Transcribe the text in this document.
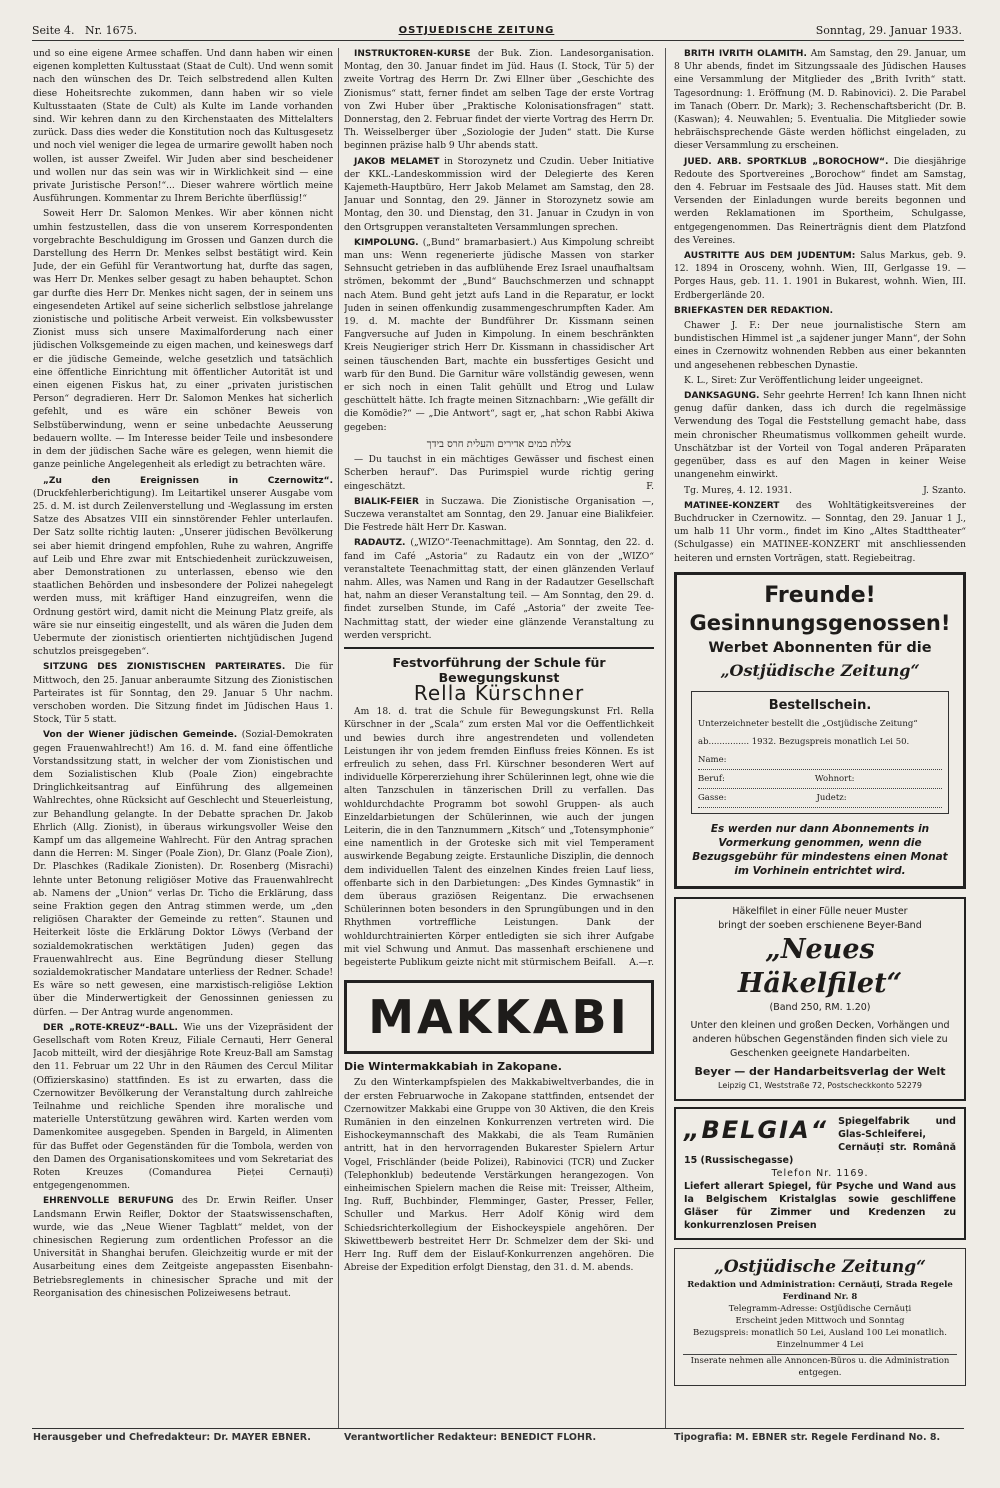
Seite 4. Nr. 1675.	OSTJUEDISCHE ZEITUNG	Sonntag, 29. Januar 1933.

und so eine eigene Armee schaffen. Und dann haben wir einen eigenen kompletten Kultusstaat (Staat de Cult). Und wenn somit nach den wünschen des Dr. Teich selbstredend allen Kulten diese Hoheitsrechte zukommen, dann haben wir so viele Kultusstaaten (State de Cult) als Kulte im Lande vorhanden sind. Wir kehren dann zu den Kirchenstaaten des Mittelalters zurück. Dass dies weder die Konstitution noch das Kultusgesetz und noch viel weniger die legea de urmarire gewollt haben noch wollen, ist ausser Zweifel. Wir Juden aber sind bescheidener und wollen nur das sein was wir in Wirklichkeit sind — eine private Juristische Person!“... Dieser wahrere wörtlich meine Ausführungen. Kommentar zu Ihrem Berichte überflüssig!“

Soweit Herr Dr. Salomon Menkes. Wir aber können nicht umhin festzustellen, dass die von unserem Korrespondenten vorgebrachte Beschuldigung im Grossen und Ganzen durch die Darstellung des Herrn Dr. Menkes selbst bestätigt wird. Kein Jude, der ein Gefühl für Verantwortung hat, durfte das sagen, was Herr Dr. Menkes selber gesagt zu haben behauptet. Schon gar durfte dies Herr Dr. Menkes nicht sagen, der in seinem uns eingesendeten Artikel auf seine sicherlich selbstlose jahrelange zionistische und politische Arbeit verweist. Ein volksbewusster Zionist muss sich unsere Maximalforderung nach einer jüdischen Volksgemeinde zu eigen machen, und keineswegs darf er die jüdische Gemeinde, welche gesetzlich und tatsächlich eine öffentliche Einrichtung mit öffentlicher Autorität ist und einen eigenen Fiskus hat, zu einer „privaten juristischen Person“ degradieren. Herr Dr. Salomon Menkes hat sicherlich gefehlt, und es wäre ein schöner Beweis von Selbstüberwindung, wenn er seine unbedachte Aeusserung bedauern wollte. — Im Interesse beider Teile und insbesondere in dem der jüdischen Sache wäre es gelegen, wenn hiemit die ganze peinliche Angelegenheit als erledigt zu betrachten wäre.

„Zu den Ereignissen in Czernowitz“. (Druckfehlerberichtigung). Im Leitartikel unserer Ausgabe vom 25. d. M. ist durch Zeilenverstellung und -Weglassung im ersten Satze des Absatzes VIII ein sinnstörender Fehler unterlaufen. Der Satz sollte richtig lauten: „Unserer jüdischen Bevölkerung sei aber hiemit dringend empfohlen, Ruhe zu wahren, Angriffe auf Leib und Ehre zwar mit Entschiedenheit zurückzuweisen, aber Demonstrationen zu unterlassen, ebenso wie den staatlichen Behörden und insbesondere der Polizei nahegelegt werden muss, mit kräftiger Hand einzugreifen, wenn die Ordnung gestört wird, damit nicht die Meinung Platz greife, als wäre sie nur einseitig eingestellt, und als wären die Juden dem Uebermute der zionistisch orientierten nichtjüdischen Jugend schutzlos preisgegeben“.

SITZUNG DES ZIONISTISCHEN PARTEIRATES. Die für Mittwoch, den 25. Januar anberaumte Sitzung des Zionistischen Parteirates ist für Sonntag, den 29. Januar 5 Uhr nachm. verschoben worden. Die Sitzung findet im Jüdischen Haus 1. Stock, Tür 5 statt.

Von der Wiener jüdischen Gemeinde. (Sozial-Demokraten gegen Frauenwahlrecht!) Am 16. d. M. fand eine öffentliche Vorstandssitzung statt, in welcher der vom Zionistischen und dem Sozialistischen Klub (Poale Zion) eingebrachte Dringlichkeitsantrag auf Einführung des allgemeinen Wahlrechtes, ohne Rücksicht auf Geschlecht und Steuerleistung, zur Behandlung gelangte. In der Debatte sprachen Dr. Jakob Ehrlich (Allg. Zionist), in überaus wirkungsvoller Weise den Kampf um das allgemeine Wahlrecht. Für den Antrag sprachen dann die Herren: M. Singer (Poale Zion), Dr. Glanz (Poale Zion), Dr. Plaschkes (Radikale Zionisten). Dr. Rosenberg (Misrachi) lehnte unter Betonung religiöser Motive das Frauenwahlrecht ab. Namens der „Union“ verlas Dr. Ticho die Erklärung, dass seine Fraktion gegen den Antrag stimmen werde, um „den religiösen Charakter der Gemeinde zu retten“. Staunen und Heiterkeit löste die Erklärung Doktor Löwys (Verband der sozialdemokratischen werktätigen Juden) gegen das Frauenwahlrecht aus. Eine Begründung dieser Stellung sozialdemokratischer Mandatare unterliess der Redner. Schade! Es wäre so nett gewesen, eine marxistisch-religiöse Lektion über die Minderwertigkeit der Genossinnen geniessen zu dürfen. — Der Antrag wurde angenommen.

DER „ROTE-KREUZ“-BALL. Wie uns der Vizepräsident der Gesellschaft vom Roten Kreuz, Filiale Cernauti, Herr General Jacob mitteilt, wird der diesjährige Rote Kreuz-Ball am Samstag den 11. Februar um 22 Uhr in den Räumen des Cercul Militar (Offizierskasino) stattfinden. Es ist zu erwarten, dass die Czernowitzer Bevölkerung der Veranstaltung durch zahlreiche Teilnahme und reichliche Spenden ihre moralische und materielle Unterstützung gewähren wird. Karten werden vom Damenkomitee ausgegeben. Spenden in Bargeld, in Alimenten für das Buffet oder Gegenständen für die Tombola, werden von den Damen des Organisationskomitees und vom Sekretariat des Roten Kreuzes (Comandurea Pieței Cernauți) entgegengenommen.

EHRENVOLLE BERUFUNG des Dr. Erwin Reifler. Unser Landsmann Erwin Reifler, Doktor der Staatswissenschaften, wurde, wie das „Neue Wiener Tagblatt“ meldet, von der chinesischen Regierung zum ordentlichen Professor an die Universität in Shanghai berufen. Gleichzeitig wurde er mit der Ausarbeitung eines dem Zeitgeiste angepassten Eisenbahn-Betriebsreglements in chinesischer Sprache und mit der Reorganisation des chinesischen Polizeiwesens betraut.

INSTRUKTOREN-KURSE der Buk. Zion. Landesorganisation. Montag, den 30. Januar findet im Jüd. Haus (I. Stock, Tür 5) der zweite Vortrag des Herrn Dr. Zwi Ellner über „Geschichte des Zionismus“ statt, ferner findet am selben Tage der erste Vortrag von Zwi Huber über „Praktische Kolonisationsfragen“ statt. Donnerstag, den 2. Februar findet der vierte Vortrag des Herrn Dr. Th. Weisselberger über „Soziologie der Juden“ statt. Die Kurse beginnen präzise halb 9 Uhr abends statt.

JAKOB MELAMET in Storozynetz und Czudin. Ueber Initiative der KKL.-Landeskommission wird der Delegierte des Keren Kajemeth-Hauptbüro, Herr Jakob Melamet am Samstag, den 28. Januar und Sonntag, den 29. Jänner in Storozynetz sowie am Montag, den 30. und Dienstag, den 31. Januar in Czudyn in von den Ortsgruppen veranstalteten Versammlungen sprechen.

KIMPOLUNG. („Bund“ bramarbasiert.) Aus Kimpolung schreibt man uns: Wenn regenerierte jüdische Massen von starker Sehnsucht getrieben in das aufblühende Erez Israel unaufhaltsam strömen, bekommt der „Bund“ Bauchschmerzen und schnappt nach Atem. Bund geht jetzt aufs Land in die Reparatur, er lockt Juden in seinen offenkundig zusammengeschrumpften Kader. Am 19. d. M. machte der Bundführer Dr. Kissmann seinen Fangversuche auf Juden in Kimpolung. In einem beschränkten Kreis Neugieriger strich Herr Dr. Kissmann in chassidischer Art seinen täuschenden Bart, machte ein bussfertiges Gesicht und warb für den Bund. Die Garnitur wäre vollständig gewesen, wenn er sich noch in einen Talit gehüllt und Etrog und Lulaw geschüttelt hätte. Ich fragte meinen Sitznachbarn: „Wie gefällt dir die Komödie?“ — „Die Antwort“, sagt er, „hat schon Rabbi Akiwa gegeben:

צללת במים אדירים והעלית חרס בידך

— Du tauchst in ein mächtiges Gewässer und fischest einen Scherben herauf“. Das Purimspiel wurde richtig gering eingeschätzt.	F.

BIALIK-FEIER in Suczawa. Die Zionistische Organisation —, Suczewa veranstaltet am Sonntag, den 29. Januar eine Bialikfeier. Die Festrede hält Herr Dr. Kaswan.

RADAUTZ. („WIZO“-Teenachmittage). Am Sonntag, den 22. d. fand im Café „Astoria“ zu Radautz ein von der „WIZO“ veranstaltete Teenachmittag statt, der einen glänzenden Verlauf nahm. Alles, was Namen und Rang in der Radautzer Gesellschaft hat, nahm an dieser Veranstaltung teil. — Am Sonntag, den 29. d. findet zurselben Stunde, im Café „Astoria“ der zweite Tee-Nachmittag statt, der wieder eine glänzende Veranstaltung zu werden verspricht.

Festvorführung der Schule für Bewegungskunst
Rella Kürschner

Am 18. d. trat die Schule für Bewegungskunst Frl. Rella Kürschner in der „Scala“ zum ersten Mal vor die Oeffentlichkeit und bewies durch ihre angestrendeten und vollendeten Leistungen ihr von jedem fremden Einfluss freies Können. Es ist erfreulich zu sehen, dass Frl. Kürschner besonderen Wert auf individuelle Körpererziehung ihrer Schülerinnen legt, ohne wie die alten Tanzschulen in tänzerischen Drill zu verfallen. Das wohldurchdachte Programm bot sowohl Gruppen- als auch Einzeldarbietungen der Schülerinnen, wie auch der jungen Leiterin, die in den Tanznummern „Kitsch“ und „Totensymphonie“ eine namentlich in der Groteske sich mit viel Temperament auswirkende Begabung zeigte. Erstaunliche Disziplin, die dennoch dem individuellen Talent des einzelnen Kindes freien Lauf liess, offenbarte sich in den Darbietungen: „Des Kindes Gymnastik“ in dem überaus graziösen Reigentanz. Die erwachsenen Schülerinnen boten besonders in den Sprungübungen und in den Rhythmen vortreffliche Leistungen. Dank der wohldurchtrainierten Körper entledigten sie sich ihrer Aufgabe mit viel Schwung und Anmut. Das massenhaft erschienene und begeisterte Publikum geizte nicht mit stürmischem Beifall.	A.—r.

MAKKABI
Die Wintermakkabiah in Zakopane.

Zu den Winterkampfspielen des Makkabiweltverbandes, die in der ersten Februarwoche in Zakopane stattfinden, entsendet der Czernowitzer Makkabi eine Gruppe von 30 Aktiven, die den Kreis Rumänien in den einzelnen Konkurrenzen vertreten wird. Die Eishockeymannschaft des Makkabi, die als Team Rumänien antritt, hat in den hervorragenden Bukarester Spielern Artur Vogel, Frischländer (beide Polizei), Rabinovici (TCR) und Zucker (Telephonklub) bedeutende Verstärkungen herangezogen. Von einheimischen Spielern machen die Reise mit: Treisser, Altheim, Ing. Ruff, Buchbinder, Flemminger, Gaster, Presser, Feller, Schuller und Markus. Herr Adolf König wird dem Schiedsrichterkollegium der Eishockeyspiele angehören. Der Skiwettbewerb bestreitet Herr Dr. Schmelzer dem der Ski- und Herr Ing. Ruff dem der Eislauf-Konkurrenzen angehören. Die Abreise der Expedition erfolgt Dienstag, den 31. d. M. abends.

BRITH IVRITH OLAMITH. Am Samstag, den 29. Januar, um 8 Uhr abends, findet im Sitzungssaale des Jüdischen Hauses eine Versammlung der Mitglieder des „Brith Ivrith“ statt. Tagesordnung: 1. Eröffnung (M. D. Rabinovici). 2. Die Parabel im Tanach (Oberr. Dr. Mark); 3. Rechenschaftsbericht (Dr. B. (Kaswan); 4. Neuwahlen; 5. Eventualia. Die Mitglieder sowie hebräischsprechende Gäste werden höflichst eingeladen, zu dieser Versammlung zu erscheinen.

JUED. ARB. SPORTKLUB „BOROCHOW“. Die diesjährige Redoute des Sportvereines „Borochow“ findet am Samstag, den 4. Februar im Festsaale des Jüd. Hauses statt. Mit dem Versenden der Einladungen wurde bereits begonnen und werden Reklamationen im Sportheim, Schulgasse, entgegengenommen. Das Reinerträgnis dient dem Platzfond des Vereines.

AUSTRITTE AUS DEM JUDENTUM: Salus Markus, geb. 9. 12. 1894 in Orosceny, wohnh. Wien, III, Gerlgasse 19. — Porges Haus, geb. 11. 1. 1901 in Bukarest, wohnh. Wien, III. Erdbergerlände 20.

BRIEFKASTEN DER REDAKTION.

Chawer J. F.: Der neue journalistische Stern am bundistischen Himmel ist „a sajdener junger Mann“, der Sohn eines in Czernowitz wohnenden Rebben aus einer bekannten und angesehenen rebbeschen Dynastie.

K. L., Siret: Zur Veröffentlichung leider ungeeignet.

DANKSAGUNG. Sehr geehrte Herren! Ich kann Ihnen nicht genug dafür danken, dass ich durch die regelmässige Verwendung des Togal die Feststellung gemacht habe, dass mein chronischer Rheumatismus vollkommen geheilt wurde. Unschätzbar ist der Vorteil von Togal anderen Präparaten gegenüber, dass es auf den Magen in keiner Weise unangenehm einwirkt.

Tg. Mureș, 4. 12. 1931.	J. Szanto.

MATINEE-KONZERT des Wohltätigkeitsvereines der Buchdrucker in Czernowitz. — Sonntag, den 29. Januar 1 J., um halb 11 Uhr vorm., findet im Kino „Altes Stadttheater“ (Schulgasse) ein MATINEE-KONZERT mit anschliessenden heiteren und ernsten Vorträgen, statt. Regiebeitrag.

Freunde!
Gesinnungsgenossen!
Werbet Abonnenten für die
„Ostjüdische Zeitung“
Bestellschein.
Unterzeichneter bestellt die „Ostjüdische Zeitung“
ab............... 1932. Bezugspreis monatlich Lei 50.
Name:
Beruf:	Wohnort:
Gasse:	Judetz:
Es werden nur dann Abonnements in Vormerkung genommen, wenn die Bezugsgebühr für mindestens einen Monat im Vorhinein entrichtet wird.
Häkelfilet in einer Fülle neuer Muster
bringt der soeben erschienene Beyer-Band
„Neues Häkelfilet“
(Band 250, RM. 1.20)
Unter den kleinen und großen Decken, Vorhängen und anderen hübschen Gegenständen finden sich viele zu Geschenken geeignete Handarbeiten.
Beyer — der Handarbeitsverlag der Welt
Leipzig C1, Weststraße 72, Postscheckkonto 52279
„BELGIA“	Spiegelfabrik und Glas-Schleiferei, Cernăuți str. Română 15 (Russischegasse)
Telefon Nr. 1169.
Liefert allerart Spiegel, für Psyche und Wand aus Ia Belgischem Kristalglas sowie geschliffene Gläser für Zimmer und Kredenzen zu konkurrenzlosen Preisen
„Ostjüdische Zeitung“
Redaktion und Administration: Cernăuți, Strada Regele Ferdinand Nr. 8
Telegramm-Adresse: Ostjüdische Cernăuți
Erscheint jeden Mittwoch und Sonntag
Bezugspreis: monatlich 50 Lei, Ausland 100 Lei monatlich. Einzelnummer 4 Lei
Inserate nehmen alle Annoncen-Büros u. die Administration entgegen.
Herausgeber und Chefredakteur: Dr. MAYER EBNER.	Verantwortlicher Redakteur: BENEDICT FLOHR.	Tipografia: M. EBNER str. Regele Ferdinand No. 8.
